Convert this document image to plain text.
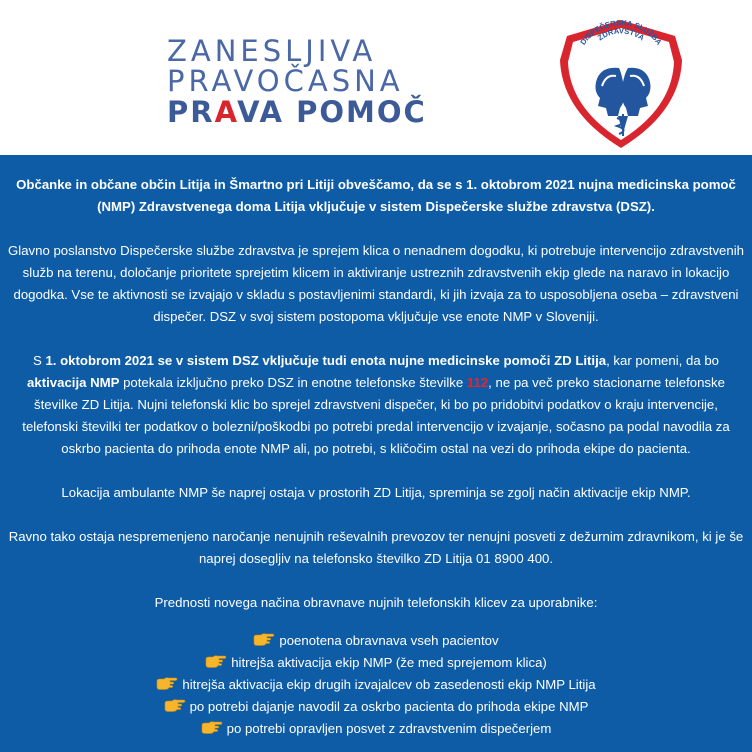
ZANESLJIVA
PRAVOČASNA
PRAVA POMOČ
DISPEČERSKA SLUŽBA
ZDRAVSTVA

Občanke in občane občin Litija in Šmartno pri Litiji obveščamo, da se s 1. oktobrom 2021 nujna medicinska pomoč (NMP) Zdravstvenega doma Litija vključuje v sistem Dispečerske službe zdravstva (DSZ).

Glavno poslanstvo Dispečerske službe zdravstva je sprejem klica o nenadnem dogodku, ki potrebuje intervencijo zdravstvenih služb na terenu, določanje prioritete sprejetim klicem in aktiviranje ustreznih zdravstvenih ekip glede na naravo in lokacijo dogodka. Vse te aktivnosti se izvajajo v skladu s postavljenimi standardi, ki jih izvaja za to usposobljena oseba – zdravstveni dispečer. DSZ v svoj sistem postopoma vključuje vse enote NMP v Sloveniji.

S 1. oktobrom 2021 se v sistem DSZ vključuje tudi enota nujne medicinske pomoči ZD Litija, kar pomeni, da bo aktivacija NMP potekala izključno preko DSZ in enotne telefonske številke 112, ne pa več preko stacionarne telefonske številke ZD Litija. Nujni telefonski klic bo sprejel zdravstveni dispečer, ki bo po pridobitvi podatkov o kraju intervencije, telefonski številki ter podatkov o bolezni/poškodbi po potrebi predal intervencijo v izvajanje, sočasno pa podal navodila za oskrbo pacienta do prihoda enote NMP ali, po potrebi, s kličočim ostal na vezi do prihoda ekipe do pacienta.

Lokacija ambulante NMP še naprej ostaja v prostorih ZD Litija, spreminja se zgolj način aktivacije ekip NMP.

Ravno tako ostaja nespremenjeno naročanje nenujnih reševalnih prevozov ter nenujni posveti z dežurnim zdravnikom, ki je še naprej dosegljiv na telefonsko številko ZD Litija 01 8900 400.

Prednosti novega načina obravnave nujnih telefonskih klicev za uporabnike:

poenotena obravnava vseh pacientov
hitrejša aktivacija ekip NMP (že med sprejemom klica)
hitrejša aktivacija ekip drugih izvajalcev ob zasedenosti ekip NMP Litija
po potrebi dajanje navodil za oskrbo pacienta do prihoda ekipe NMP
po potrebi opravljen posvet z zdravstvenim dispečerjem
